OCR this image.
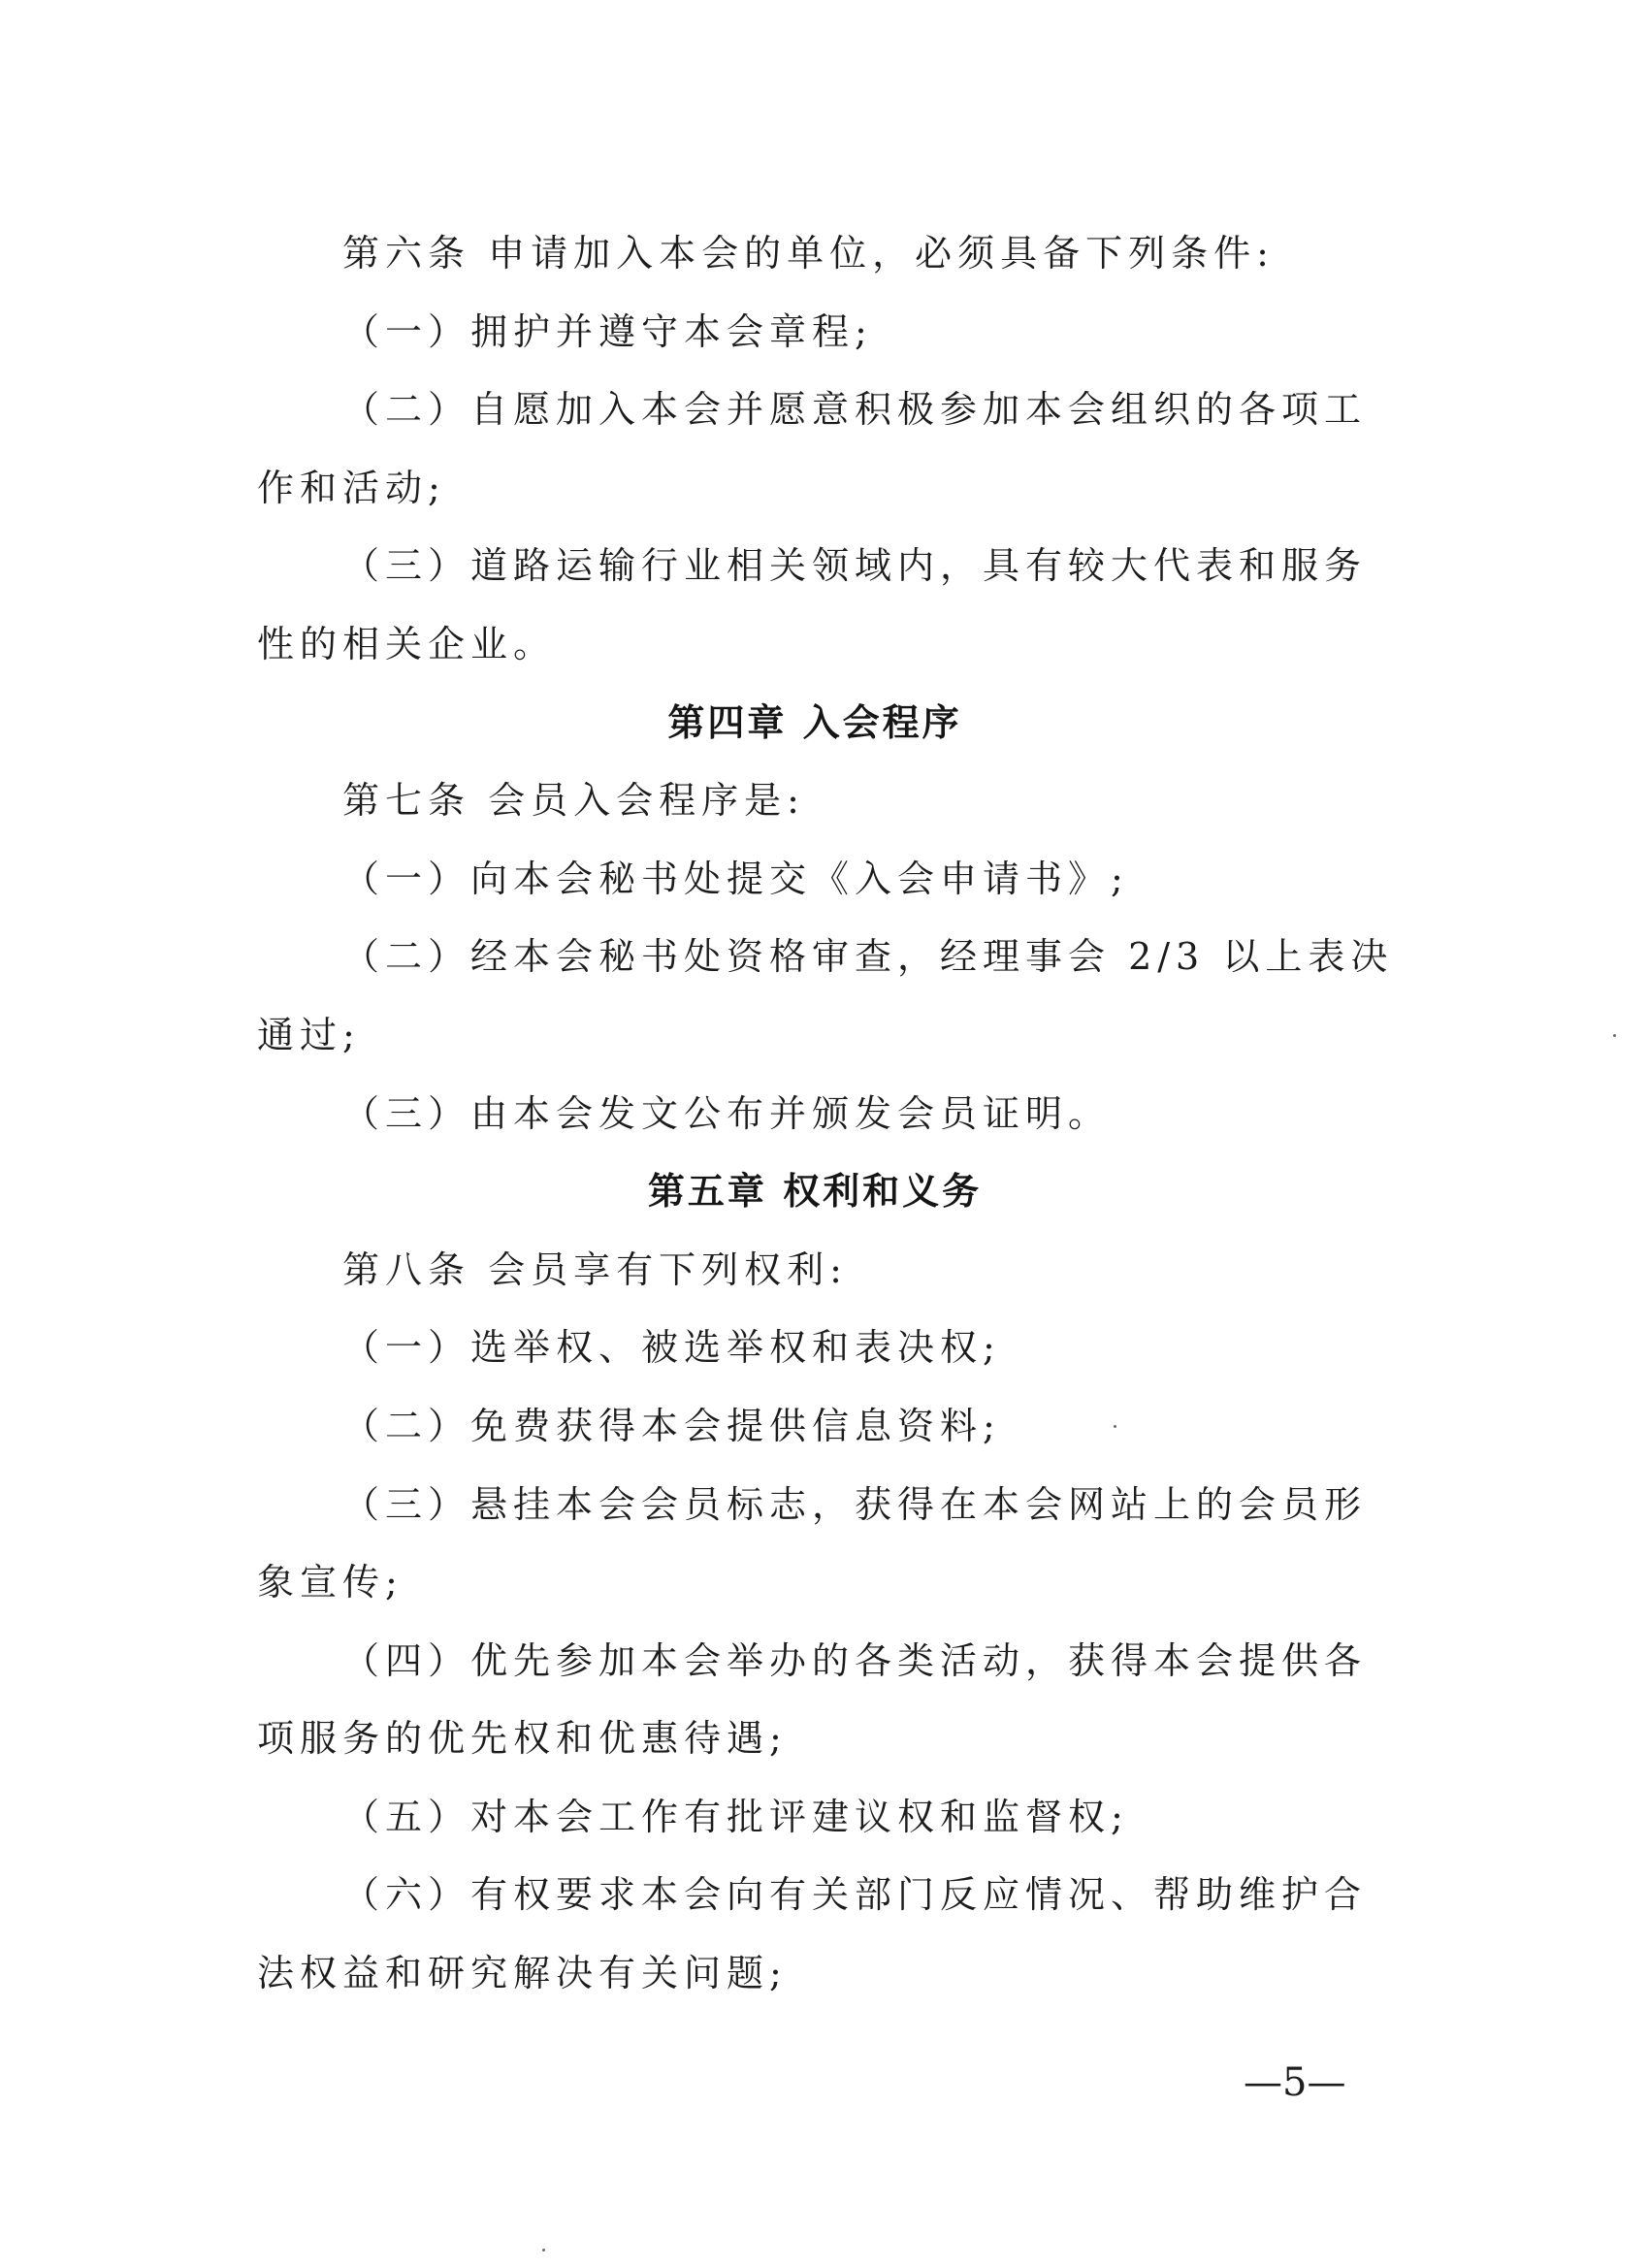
第六条 申请加入本会的单位，必须具备下列条件:
（一）拥护并遵守本会章程;
（二）自愿加入本会并愿意积极参加本会组织的各项工
作和活动;
（三）道路运输行业相关领域内，具有较大代表和服务
性的相关企业。
第四章 入会程序
第七条 会员入会程序是:
（一）向本会秘书处提交《入会申请书》;
（二）经本会秘书处资格审查，经理事会 2/3 以上表决
通过;
（三）由本会发文公布并颁发会员证明。
第五章 权利和义务
第八条 会员享有下列权利:
（一）选举权、被选举权和表决权;
（二）免费获得本会提供信息资料;
（三）悬挂本会会员标志，获得在本会网站上的会员形
象宣传;
（四）优先参加本会举办的各类活动，获得本会提供各
项服务的优先权和优惠待遇;
（五）对本会工作有批评建议权和监督权;
（六）有权要求本会向有关部门反应情况、帮助维护合
法权益和研究解决有关问题;
—5—
